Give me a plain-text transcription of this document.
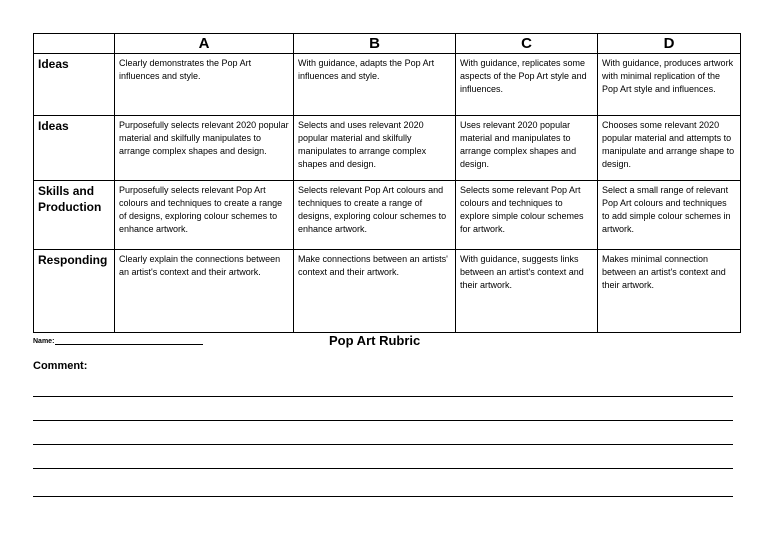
	A	B	C	D
Ideas	Clearly demonstrates the Pop Art influences and style.	With guidance, adapts the Pop Art influences and style.	With guidance, replicates some aspects of the Pop Art style and influences.	With guidance, produces artwork with minimal replication of the Pop Art style and influences.
Ideas	Purposefully selects relevant 2020 popular material and skilfully manipulates to arrange complex shapes and design.	Selects and uses relevant 2020 popular material and skilfully manipulates to arrange complex shapes and design.	Uses relevant 2020 popular material and manipulates to arrange complex shapes and design.	Chooses some relevant 2020 popular material and attempts to manipulate and arrange shape to design.
Skills and Production	Purposefully selects relevant Pop Art colours and techniques to create a range of designs, exploring colour schemes to enhance artwork.	Selects relevant Pop Art colours and techniques to create a range of designs, exploring colour schemes to enhance artwork.	Selects some relevant Pop Art colours and techniques to explore simple colour schemes for artwork.	Select a small range of relevant Pop Art colours and techniques to add simple colour schemes in artwork.
Responding	Clearly explain the connections between an artist's context and their artwork.	Make connections between an artists' context and their artwork.	With guidance, suggests links between an artist's context and their artwork.	Makes minimal connection between an artist's context and their artwork.
Name:	Pop Art Rubric
Comment:
